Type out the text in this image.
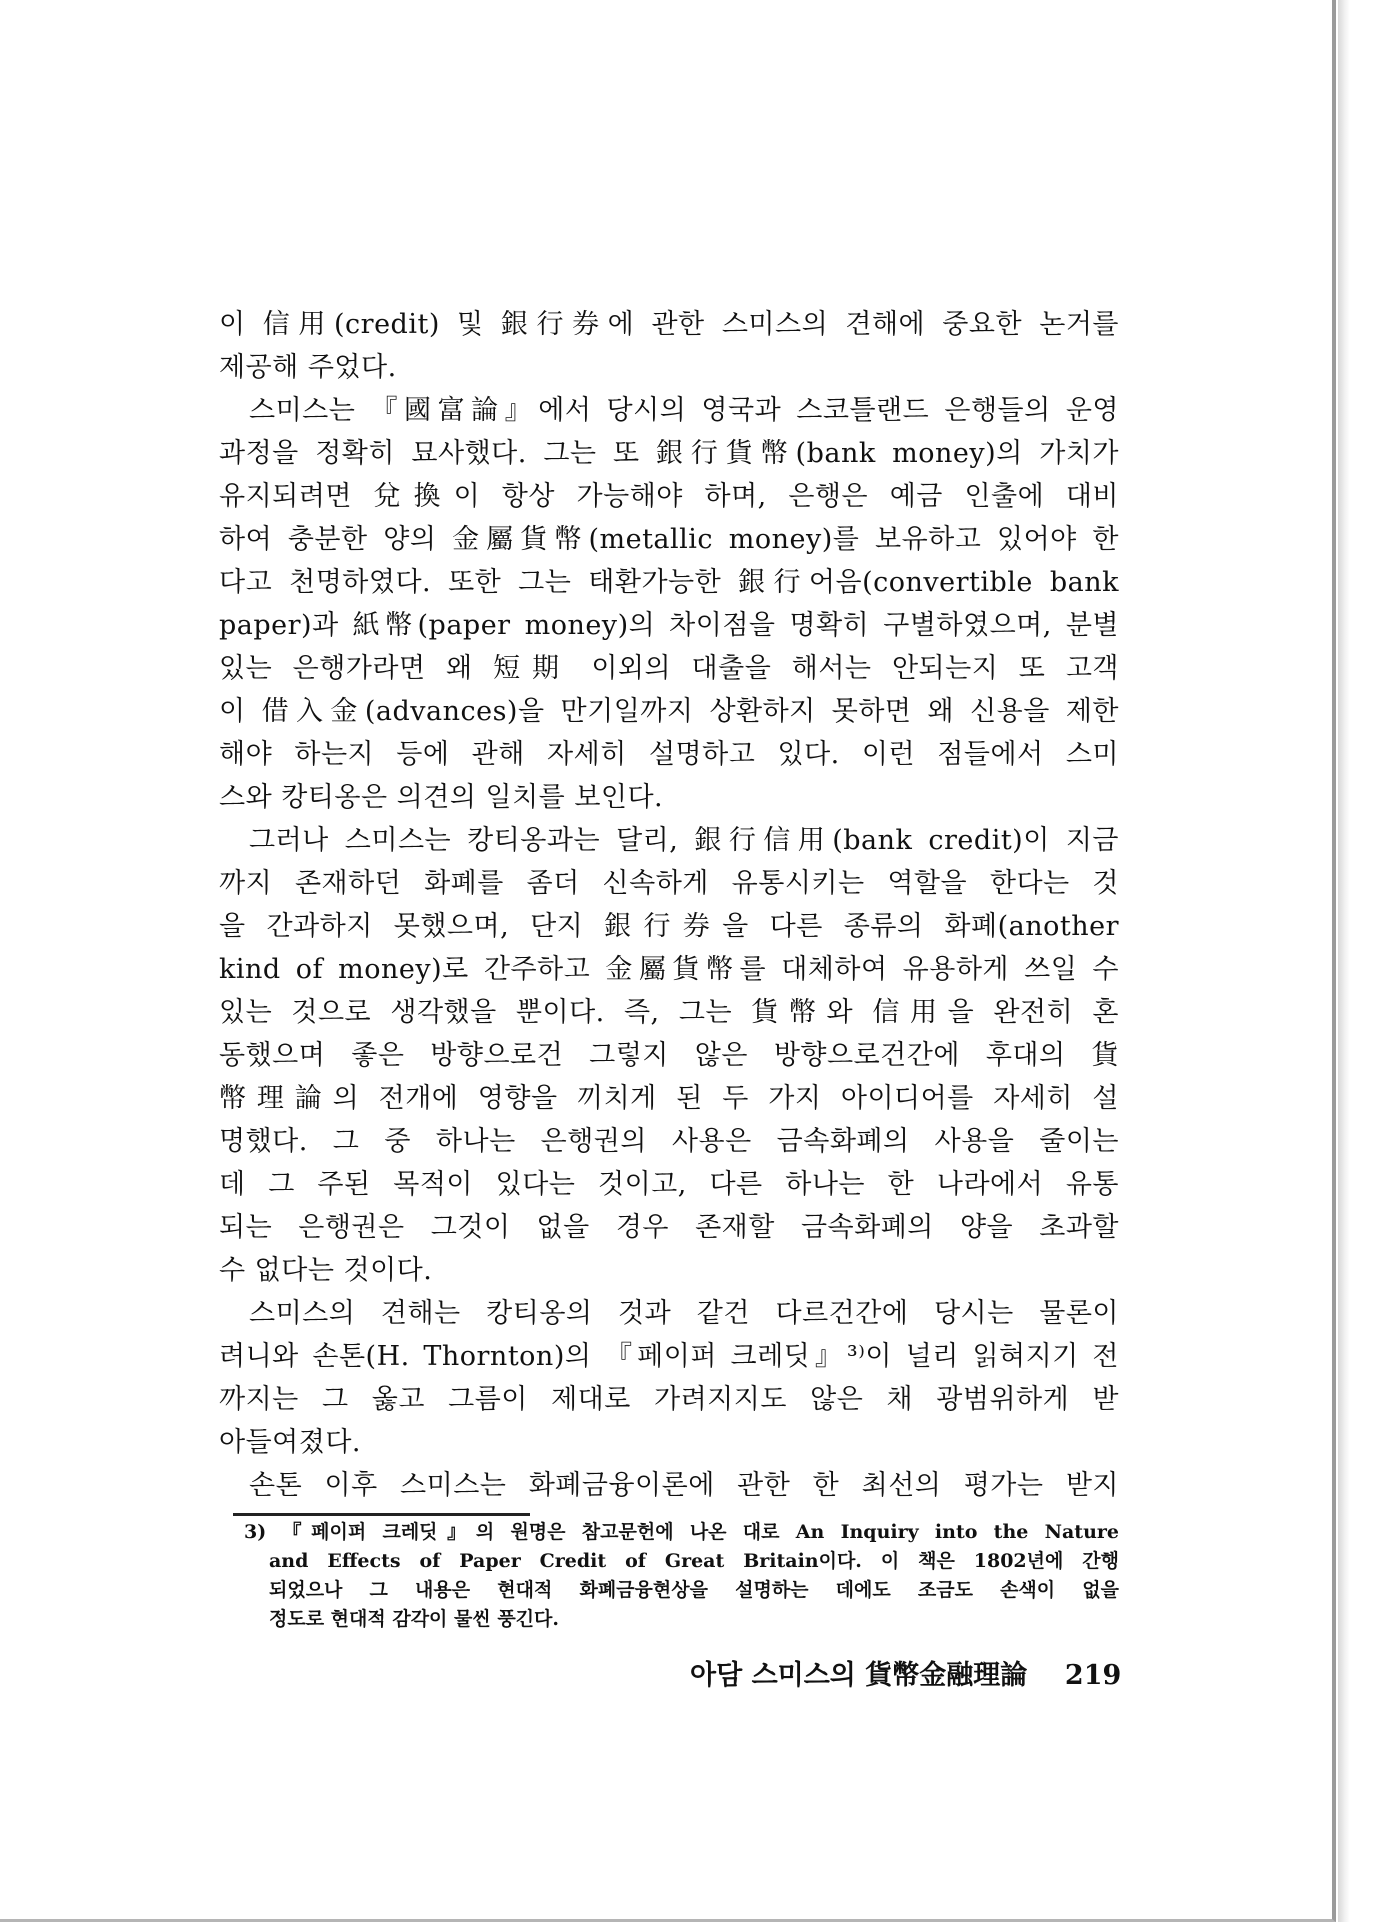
이 信用(credit) 및 銀行券에 관한 스미스의 견해에 중요한 논거를
제공해 주었다.
스미스는 『國富論』에서 당시의 영국과 스코틀랜드 은행들의 운영
과정을 정확히 묘사했다. 그는 또 銀行貨幣(bank money)의 가치가
유지되려면 兌換이 항상 가능해야 하며, 은행은 예금 인출에 대비
하여 충분한 양의 金屬貨幣(metallic money)를 보유하고 있어야 한
다고 천명하였다. 또한 그는 태환가능한 銀行어음(convertible bank
paper)과 紙幣(paper money)의 차이점을 명확히 구별하였으며, 분별
있는 은행가라면 왜 短期 이외의 대출을 해서는 안되는지 또 고객
이 借入金(advances)을 만기일까지 상환하지 못하면 왜 신용을 제한
해야 하는지 등에 관해 자세히 설명하고 있다. 이런 점들에서 스미
스와 캉티옹은 의견의 일치를 보인다.
그러나 스미스는 캉티옹과는 달리, 銀行信用(bank credit)이 지금
까지 존재하던 화폐를 좀더 신속하게 유통시키는 역할을 한다는 것
을 간과하지 못했으며, 단지 銀行券을 다른 종류의 화폐(another
kind of money)로 간주하고 金屬貨幣를 대체하여 유용하게 쓰일 수
있는 것으로 생각했을 뿐이다. 즉, 그는 貨幣와 信用을 완전히 혼
동했으며 좋은 방향으로건 그렇지 않은 방향으로건간에 후대의 貨
幣理論의 전개에 영향을 끼치게 된 두 가지 아이디어를 자세히 설
명했다. 그 중 하나는 은행권의 사용은 금속화폐의 사용을 줄이는
데 그 주된 목적이 있다는 것이고, 다른 하나는 한 나라에서 유통
되는 은행권은 그것이 없을 경우 존재할 금속화폐의 양을 초과할
수 없다는 것이다.
스미스의 견해는 캉티옹의 것과 같건 다르건간에 당시는 물론이
려니와 손톤(H. Thornton)의 『페이퍼 크레딧』³⁾이 널리 읽혀지기 전
까지는 그 옳고 그름이 제대로 가려지지도 않은 채 광범위하게 받
아들여졌다.
손톤 이후 스미스는 화폐금융이론에 관한 한 최선의 평가는 받지
3) 『페이퍼 크레딧』의 원명은 참고문헌에 나온 대로 An Inquiry into the Nature
and Effects of Paper Credit of Great Britain이다. 이 책은 1802년에 간행
되었으나 그 내용은 현대적 화폐금융현상을 설명하는 데에도 조금도 손색이 없을
정도로 현대적 감각이 물씬 풍긴다.
아담 스미스의 貨幣金融理論 219
